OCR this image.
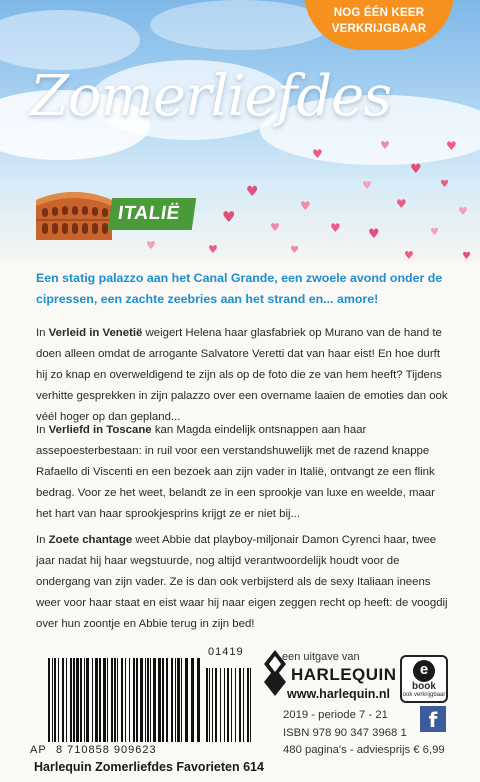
♥
♥	♥
♥
♥	♥
♥
♥	♥
♥
♥
♥	♥ ♥	♥
♥	♥	♥	♥	♥
NOG ÉÉN KEER
VERKRIJGBAAR
Zomerliefdes
ITALIË

Een statig palazzo aan het Canal Grande, een zwoele avond onder de cipressen, een zachte zeebries aan het strand en... amore!

In Verleid in Venetië weigert Helena haar glasfabriek op Murano van de hand te doen alleen omdat de arrogante Salvatore Veretti dat van haar eist! En hoe durft hij zo knap en overweldigend te zijn als op de foto die ze van hem heeft? Tijdens verhitte gesprekken in zijn palazzo over een overname laaien de emoties dan ook véél hoger op dan gepland...

In Verliefd in Toscane kan Magda eindelijk ontsnappen aan haar assepoesterbestaan: in ruil voor een verstandshuwelijk met de razend knappe Rafaello di Viscenti en een bezoek aan zijn vader in Italië, ontvangt ze een flink bedrag. Voor ze het weet, belandt ze in een sprookje van luxe en weelde, maar het hart van haar sprookjesprins krijgt ze er niet bij...

In Zoete chantage weet Abbie dat playboy-miljonair Damon Cyrenci haar, twee jaar nadat hij haar wegstuurde, nog altijd verantwoordelijk houdt voor de ondergang van zijn vader. Ze is dan ook verbijsterd als de sexy Italiaan ineens weer voor haar staat en eist waar hij naar eigen zeggen recht op heeft: de voogdij over hun zoontje en Abbie terug in zijn bed!

01419
AP 8 710858 909623
een uitgave van
HARLEQUIN
www.harlequin.nl
e
book
ook verkrijgbaar
f
2019 - periode 7 - 21
ISBN 978 90 347 3968 1
480 pagina's - adviesprijs € 6,99
Harlequin Zomerliefdes Favorieten 614
